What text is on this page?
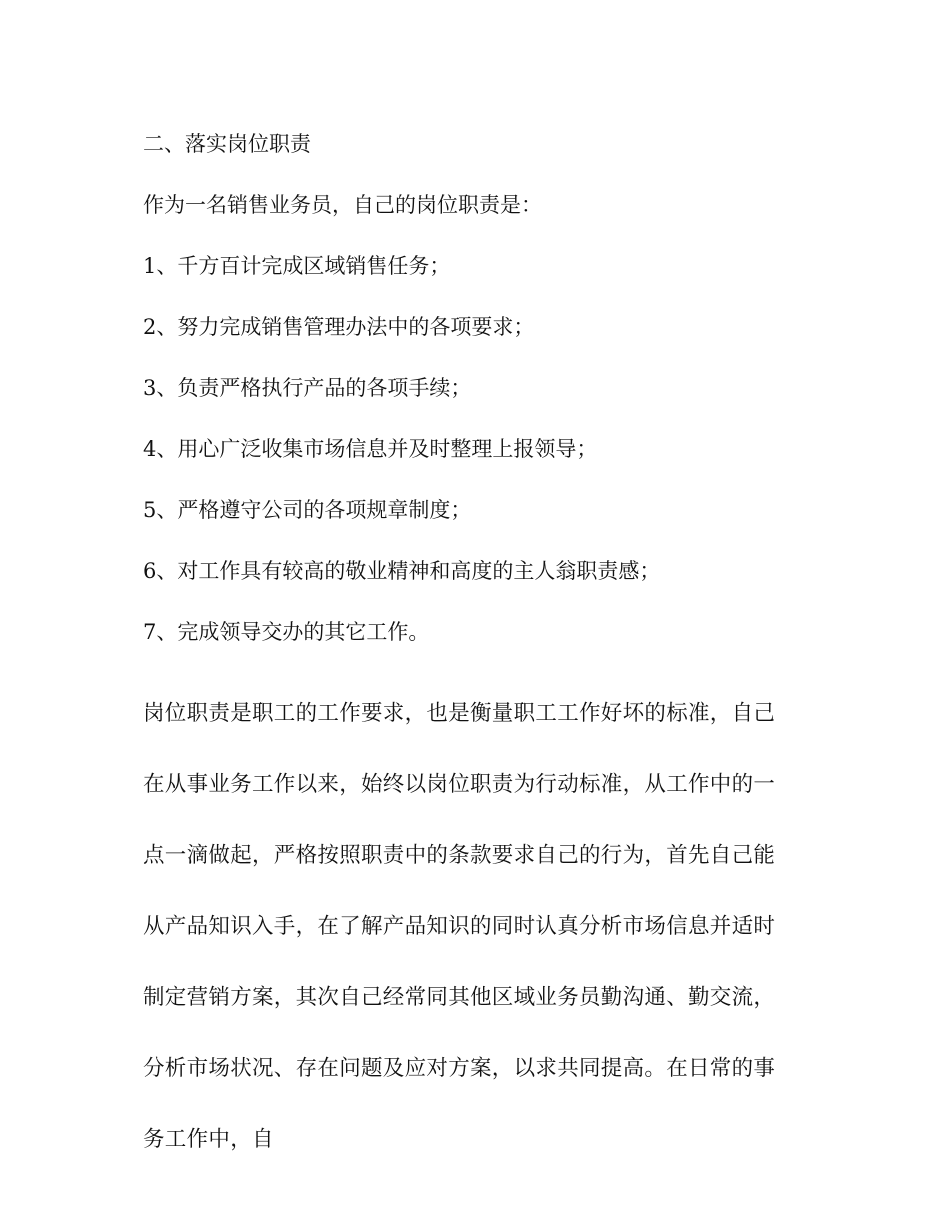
二、落实岗位职责
作为一名销售业务员，自己的岗位职责是：
1、千方百计完成区域销售任务；
2、努力完成销售管理办法中的各项要求；
3、负责严格执行产品的各项手续；
4、用心广泛收集市场信息并及时整理上报领导；
5、严格遵守公司的各项规章制度；
6、对工作具有较高的敬业精神和高度的主人翁职责感；
7、完成领导交办的其它工作。
岗位职责是职工的工作要求，也是衡量职工工作好坏的标准，自己在从事业务工作以来，始终以岗位职责为行动标准，从工作中的一点一滴做起，严格按照职责中的条款要求自己的行为，首先自己能从产品知识入手，在了解产品知识的同时认真分析市场信息并适时制定营销方案，其次自己经常同其他区域业务员勤沟通、勤交流，分析市场状况、存在问题及应对方案，以求共同提高。在日常的事务工作中，自
